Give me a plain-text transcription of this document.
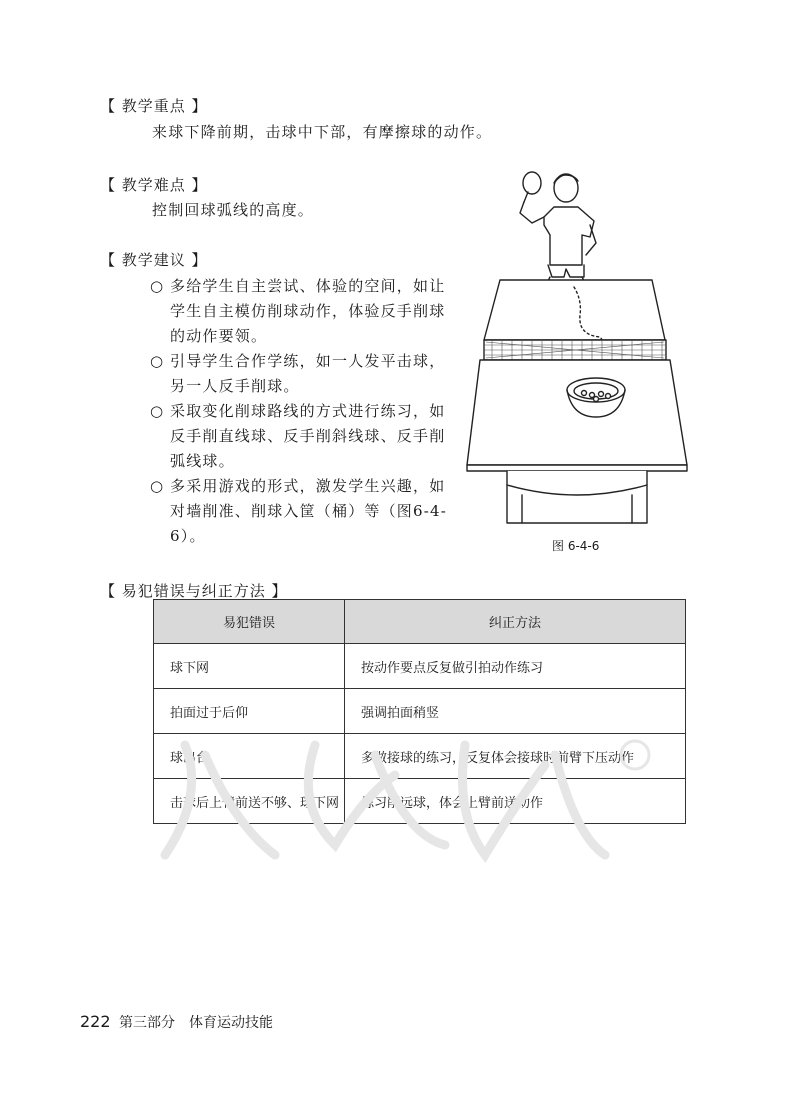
【 教学重点 】
来球下降前期，击球中下部，有摩擦球的动作。
【 教学难点 】
控制回球弧线的高度。
【 教学建议 】
○ 多给学生自主尝试、体验的空间，如让学生自主模仿削球动作，体验反手削球的动作要领。
○ 引导学生合作学练，如一人发平击球，另一人反手削球。
○ 采取变化削球路线的方式进行练习，如反手削直线球、反手削斜线球、反手削弧线球。
○ 多采用游戏的形式，激发学生兴趣，如对墙削准、削球入筐（桶）等（图6-4-6）。
图 6-4-6
【 易犯错误与纠正方法 】
易犯错误	纠正方法
球下网	按动作要点反复做引拍动作练习
拍面过于后仰	强调拍面稍竖
球出台	多做接球的练习，反复体会接球时前臂下压动作
击球后上臂前送不够、球下网	练习削远球，体会上臂前送动作
222 第三部分　体育运动技能
